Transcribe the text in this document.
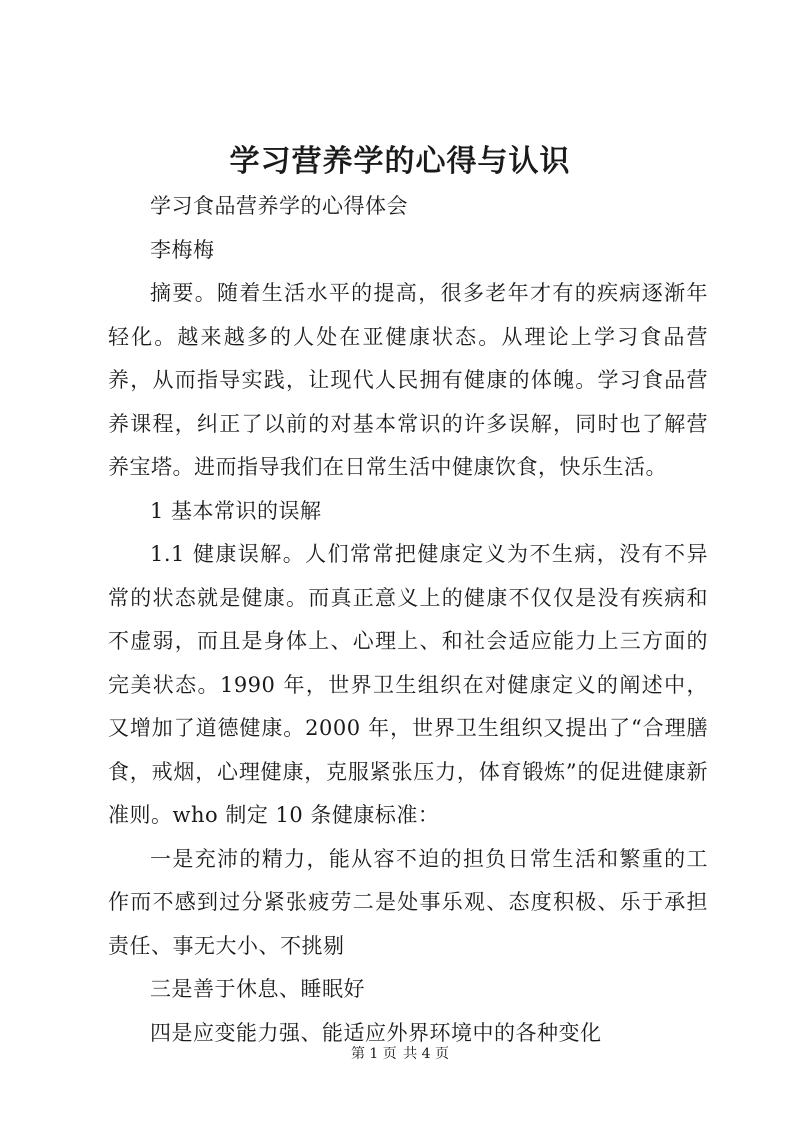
学习营养学的心得与认识

学习食品营养学的心得体会

李梅梅

摘要。随着生活水平的提高，很多老年才有的疾病逐渐年轻化。越来越多的人处在亚健康状态。从理论上学习食品营养，从而指导实践，让现代人民拥有健康的体魄。学习食品营养课程，纠正了以前的对基本常识的许多误解，同时也了解营养宝塔。进而指导我们在日常生活中健康饮食，快乐生活。

1 基本常识的误解

1.1 健康误解。人们常常把健康定义为不生病，没有不异常的状态就是健康。而真正意义上的健康不仅仅是没有疾病和不虚弱，而且是身体上、心理上、和社会适应能力上三方面的完美状态。1990 年，世界卫生组织在对健康定义的阐述中，又增加了道德健康。2000 年，世界卫生组织又提出了“合理膳食，戒烟，心理健康，克服紧张压力，体育锻炼”的促进健康新准则。who 制定 10 条健康标准：

一是充沛的精力，能从容不迫的担负日常生活和繁重的工作而不感到过分紧张疲劳二是处事乐观、态度积极、乐于承担责任、事无大小、不挑剔

三是善于休息、睡眠好

四是应变能力强、能适应外界环境中的各种变化

第 1 页 共 4 页
